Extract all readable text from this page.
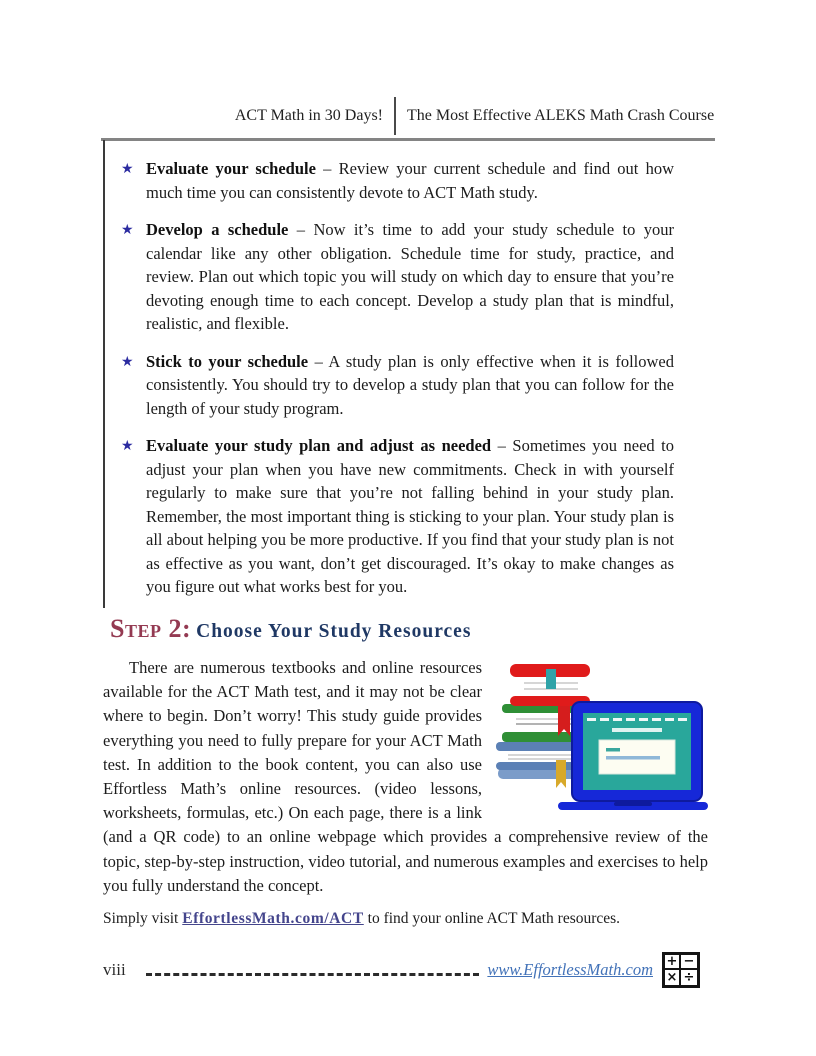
ACT Math in 30 Days!	The Most Effective ALEKS Math Crash Course
★ Evaluate your schedule – Review your current schedule and find out how much time you can consistently devote to ACT Math study.
★ Develop a schedule – Now it’s time to add your study schedule to your calendar like any other obligation. Schedule time for study, practice, and review. Plan out which topic you will study on which day to ensure that you’re devoting enough time to each concept. Develop a study plan that is mindful, realistic, and flexible.
★ Stick to your schedule – A study plan is only effective when it is followed consistently. You should try to develop a study plan that you can follow for the length of your study program.
★ Evaluate your study plan and adjust as needed – Sometimes you need to adjust your plan when you have new commitments. Check in with yourself regularly to make sure that you’re not falling behind in your study plan. Remember, the most important thing is sticking to your plan. Your study plan is all about helping you be more productive. If you find that your study plan is not as effective as you want, don’t get discouraged. It’s okay to make changes as you figure out what works best for you.
Step 2: Choose Your Study Resources

There are numerous textbooks and online resources available for the ACT Math test, and it may not be clear where to begin. Don’t worry! This study guide provides everything you need to fully prepare for your ACT Math test. In addition to the book content, you can also use Effortless Math’s online resources. (video lessons, worksheets, formulas, etc.) On each page, there is a link (and a QR code) to an online webpage which provides a comprehensive review of the topic, step-by-step instruction, video tutorial, and numerous examples and exercises to help you fully understand the concept.

Simply visit EffortlessMath.com/ACT to find your online ACT Math resources.
viii	www.EffortlessMath.com + −
× ÷
